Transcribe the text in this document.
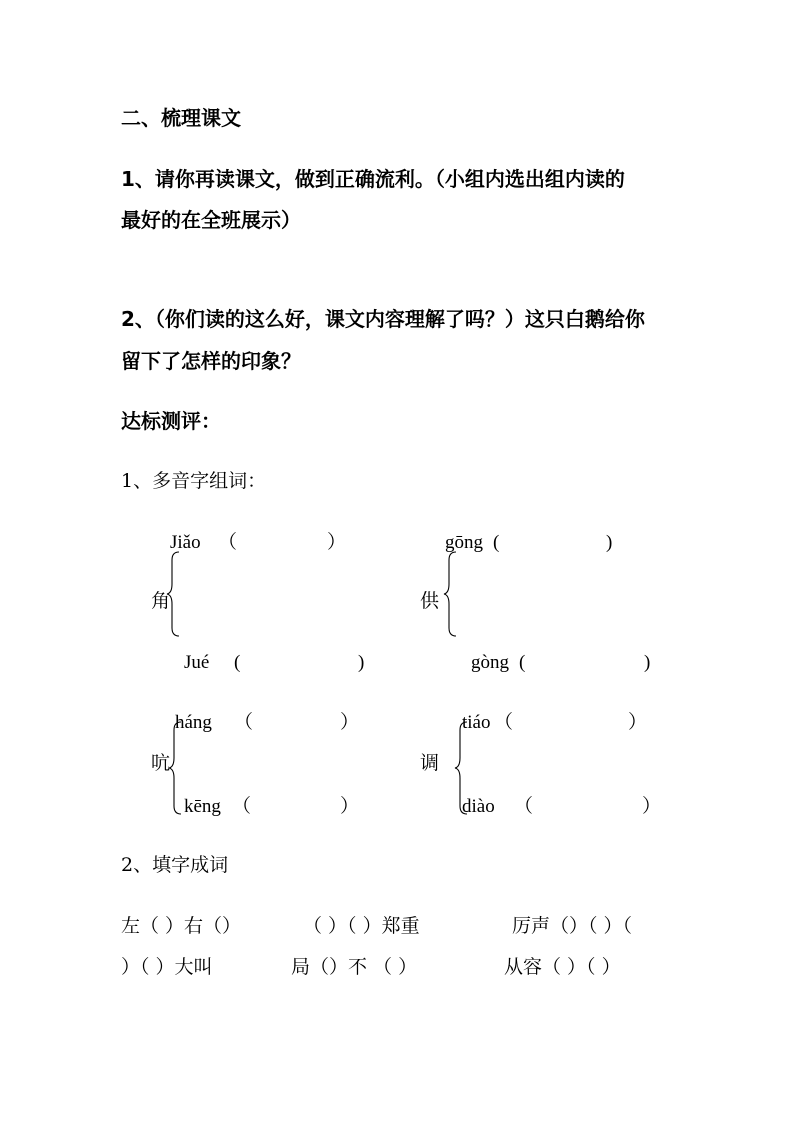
二、梳理课文
1、请你再读课文，做到正确流利。（小组内选出组内读的
最好的在全班展示）
2、（你们读的这么好，课文内容理解了吗？）这只白鹅给你
留下了怎样的印象？
达标测评：
1、多音字组词：
Jiǎo （	）
角
Jué (	)
gōng (	)
供
gòng (	)
háng （	）
吭
kēng （	）
tiáo （	）
调
diào （	）
2、填字成词
左（ ）右（）	（ ）（ ）郑重	厉声（）（ ）（
）（ ）大叫	局（）不 （ ）	从容（ ）（ ）
